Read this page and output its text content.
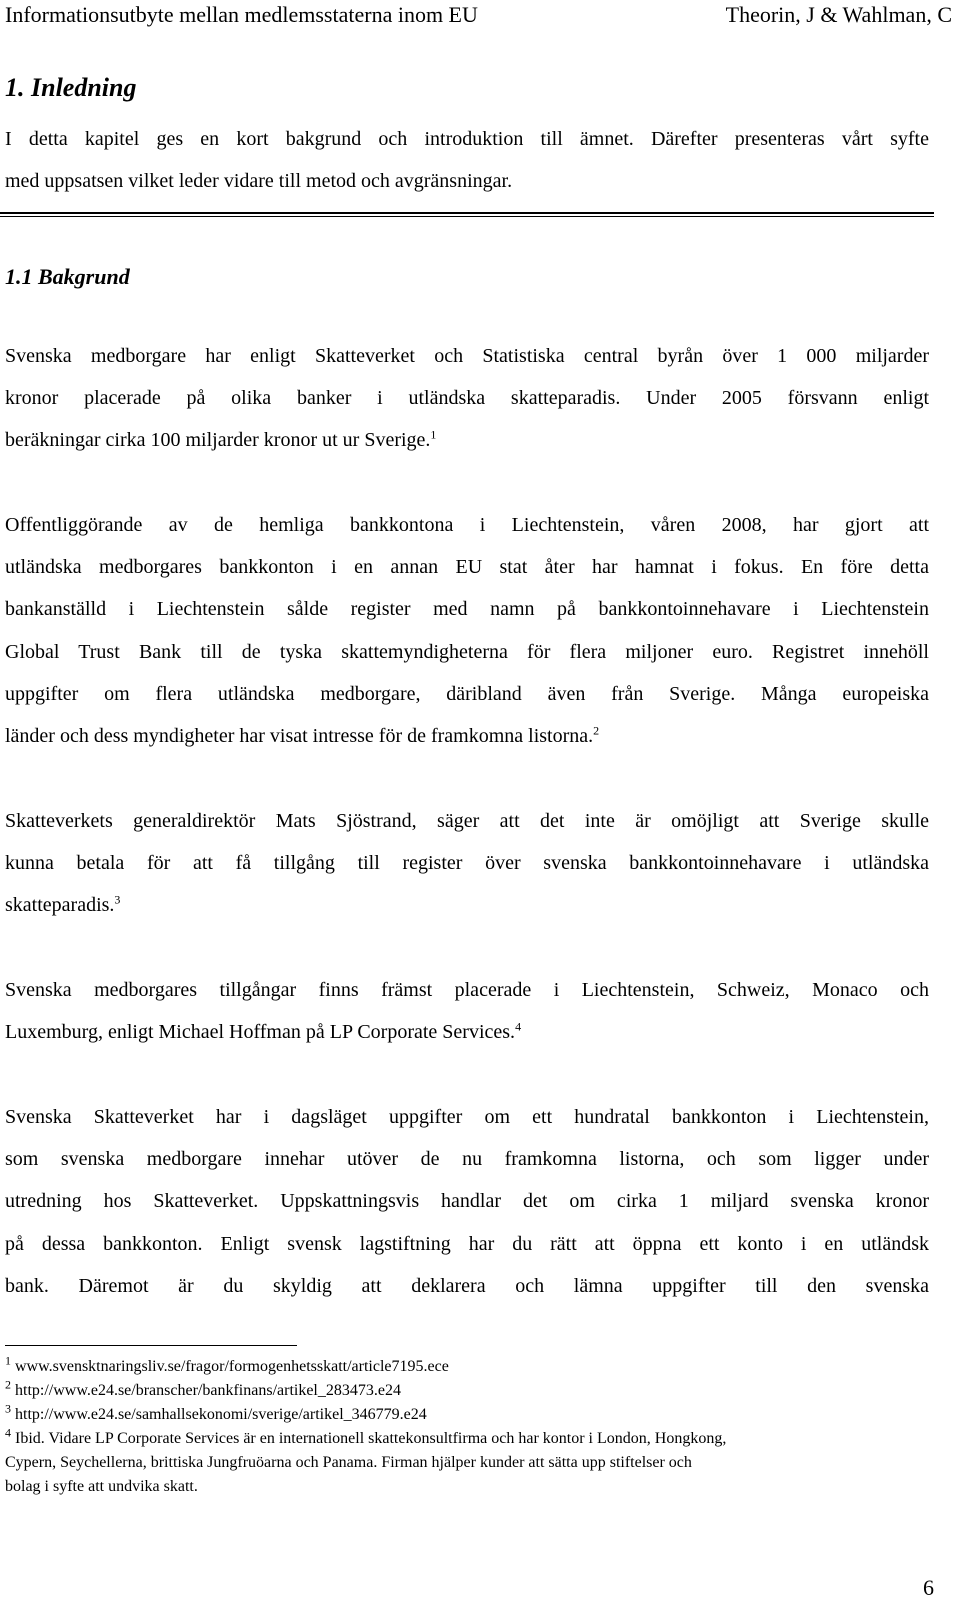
Informationsutbyte mellan medlemsstaterna inom EU	Theorin, J & Wahlman, C
1. Inledning
I detta kapitel ges en kort bakgrund och introduktion till ämnet. Därefter presenteras vårt syfte
med uppsatsen vilket leder vidare till metod och avgränsningar.
1.1 Bakgrund
Svenska medborgare har enligt Skatteverket och Statistiska central byrån över 1 000 miljarder
kronor placerade på olika banker i utländska skatteparadis. Under 2005 försvann enligt
beräkningar cirka 100 miljarder kronor ut ur Sverige.$^1$
Offentliggörande av de hemliga bankkontona i Liechtenstein, våren 2008, har gjort att
utländska medborgares bankkonton i en annan EU stat åter har hamnat i fokus. En före detta
bankanställd i Liechtenstein sålde register med namn på bankkontoinnehavare i Liechtenstein
Global Trust Bank till de tyska skattemyndigheterna för flera miljoner euro. Registret innehöll
uppgifter om flera utländska medborgare, däribland även från Sverige. Många europeiska
länder och dess myndigheter har visat intresse för de framkomna listorna.$^2$
Skatteverkets generaldirektör Mats Sjöstrand, säger att det inte är omöjligt att Sverige skulle
kunna betala för att få tillgång till register över svenska bankkontoinnehavare i utländska
skatteparadis.$^3$
Svenska medborgares tillgångar finns främst placerade i Liechtenstein, Schweiz, Monaco och
Luxemburg, enligt Michael Hoffman på LP Corporate Services.$^4$
Svenska Skatteverket har i dagsläget uppgifter om ett hundratal bankkonton i Liechtenstein,
som svenska medborgare innehar utöver de nu framkomna listorna, och som ligger under
utredning hos Skatteverket. Uppskattningsvis handlar det om cirka 1 miljard svenska kronor
på dessa bankkonton. Enligt svensk lagstiftning har du rätt att öppna ett konto i en utländsk
bank. Däremot är du skyldig att deklarera och lämna uppgifter till den svenska
$^1$ www.svensktnaringsliv.se/fragor/formogenhetsskatt/article7195.ece
$^2$ http://www.e24.se/branscher/bankfinans/artikel_283473.e24
$^3$ http://www.e24.se/samhallsekonomi/sverige/artikel_346779.e24
$^4$ Ibid. Vidare LP Corporate Services är en internationell skattekonsultfirma och har kontor i London, Hongkong,
Cypern, Seychellerna, brittiska Jungfruöarna och Panama. Firman hjälper kunder att sätta upp stiftelser och
bolag i syfte att undvika skatt.
6
